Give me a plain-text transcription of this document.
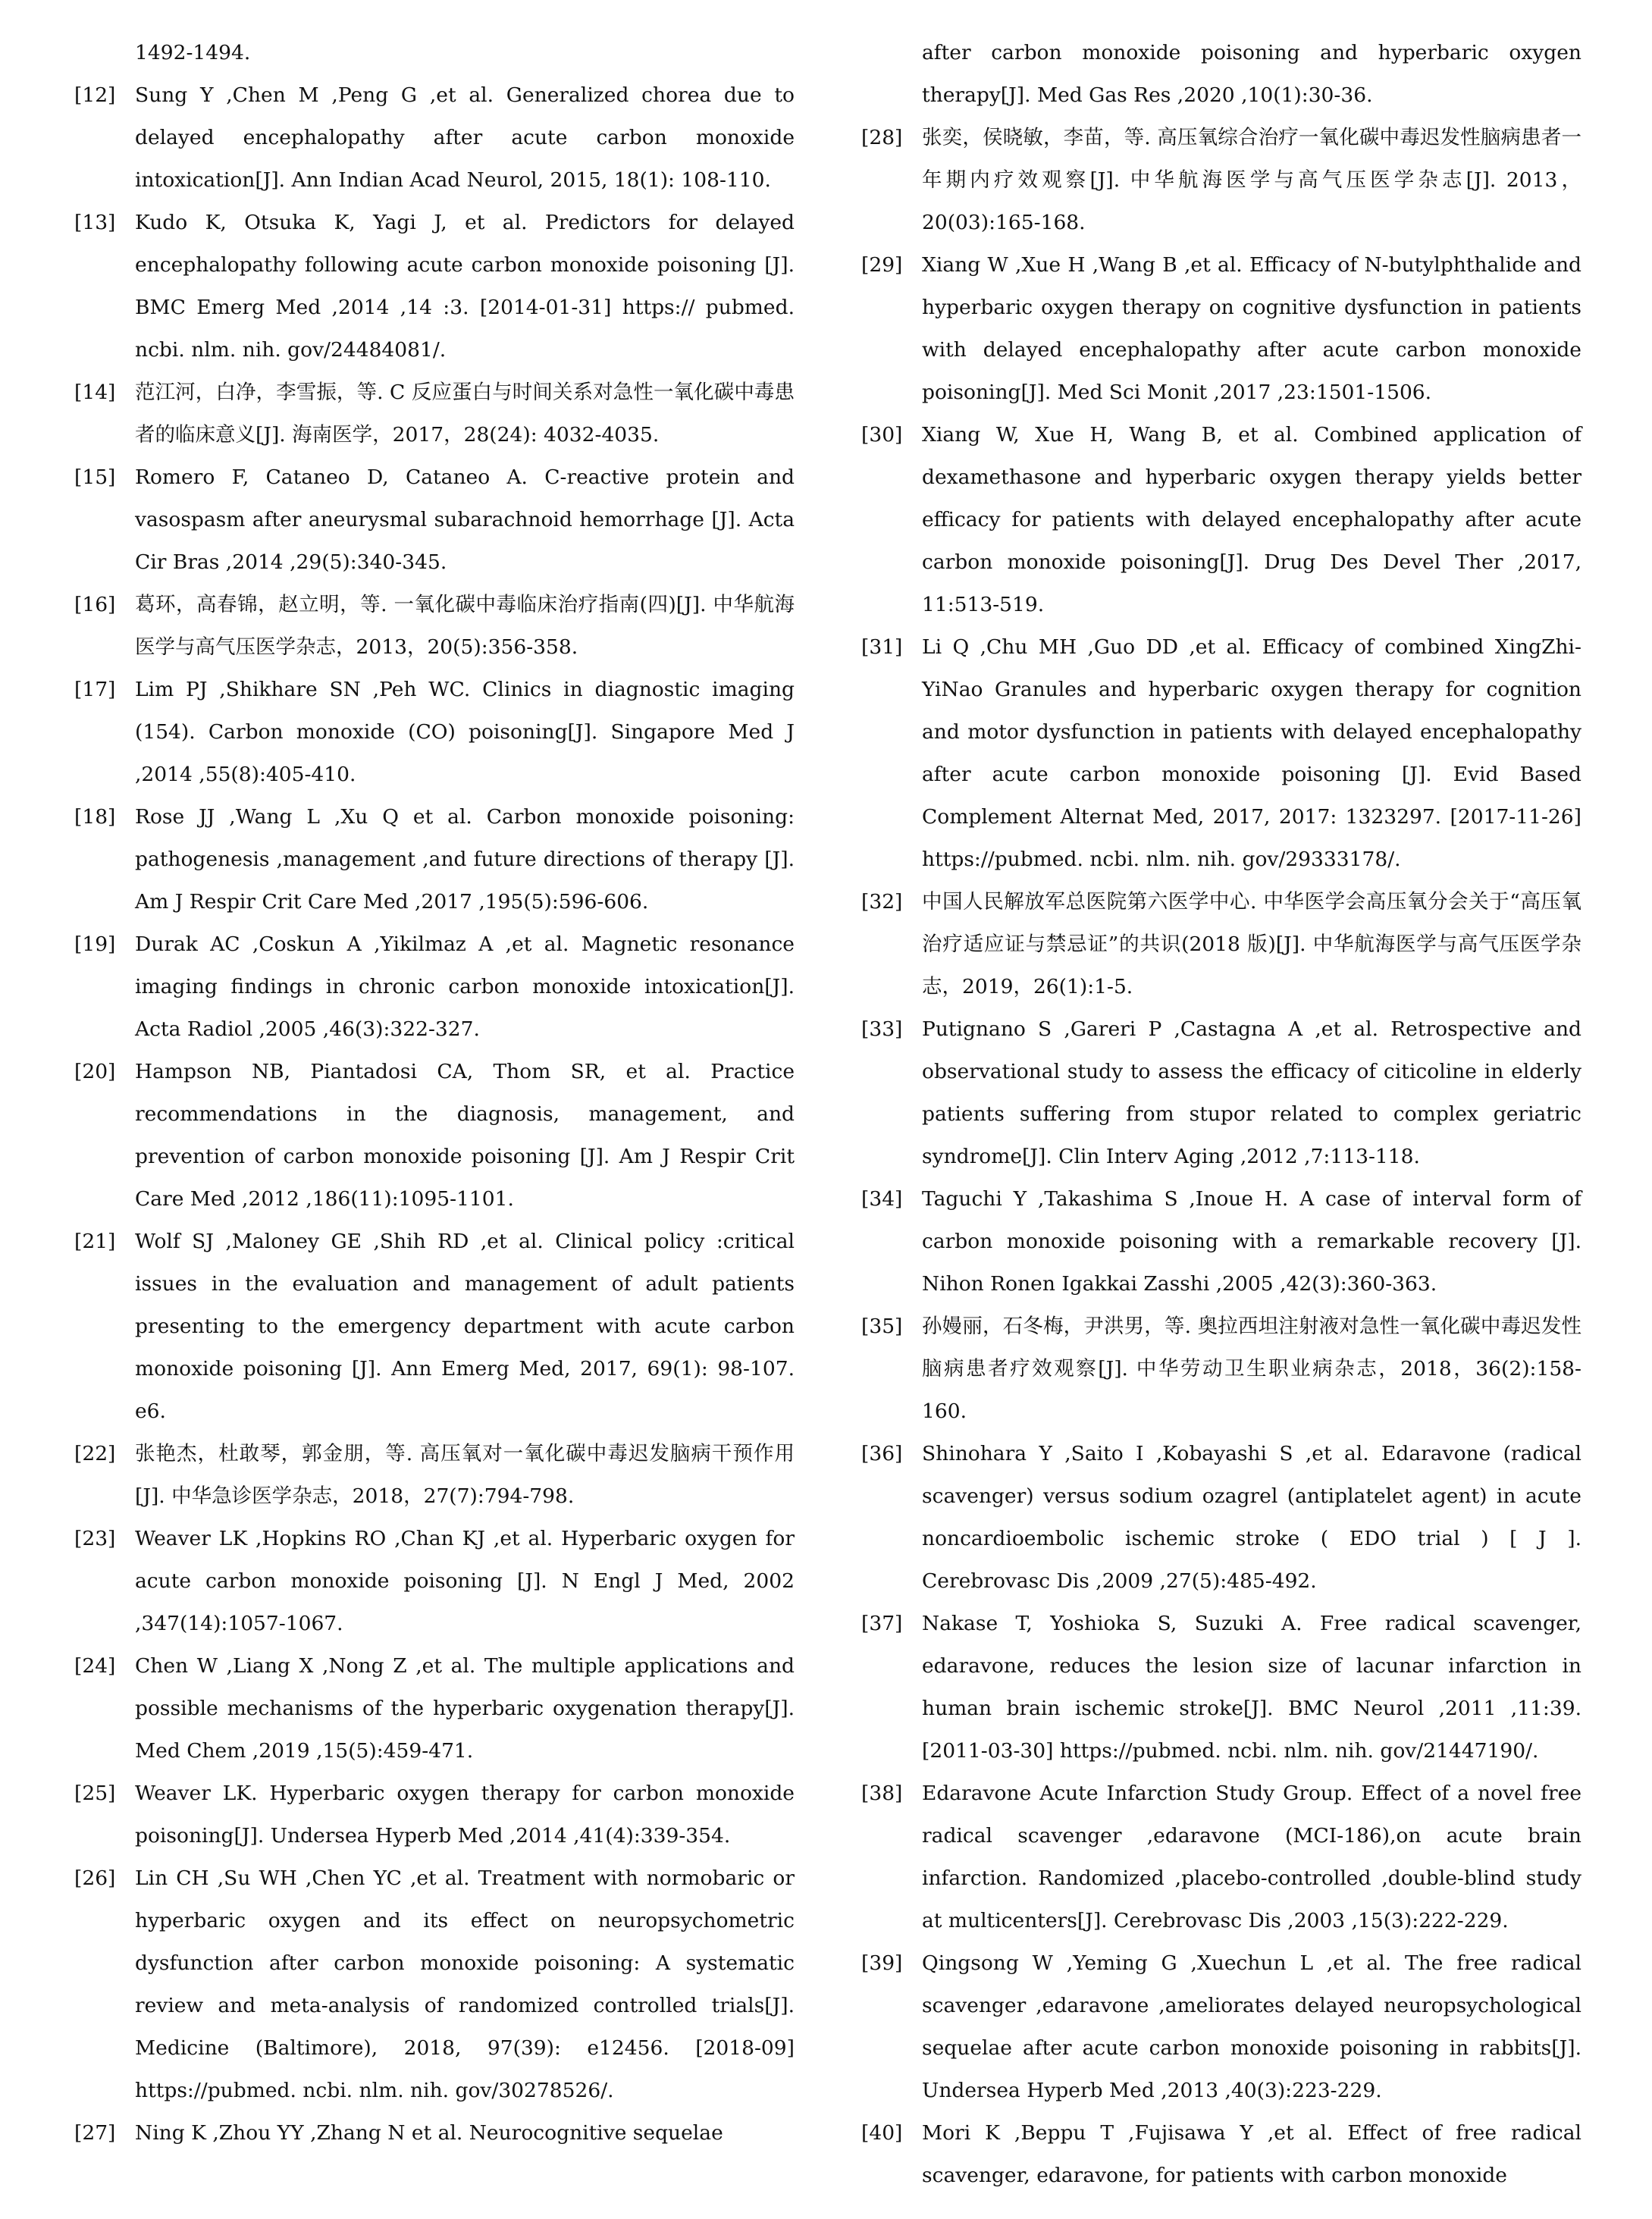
1492-1494.

[12] Sung Y ,Chen M ,Peng G ,et al. Generalized chorea due to delayed encephalopathy after acute carbon monoxide intoxication[J]. Ann Indian Acad Neurol, 2015, 18(1): 108-110.

[13] Kudo K, Otsuka K, Yagi J, et al. Predictors for delayed encephalopathy following acute carbon monoxide poisoning [J]. BMC Emerg Med ,2014 ,14 :3. [2014-01-31] https:// pubmed. ncbi. nlm. nih. gov/24484081/.

[14] 范江河，白净，李雪振，等. C 反应蛋白与时间关系对急性一氧化碳中毒患者的临床意义[J]. 海南医学，2017，28(24): 4032-4035.

[15] Romero F, Cataneo D, Cataneo A. C-reactive protein and vasospasm after aneurysmal subarachnoid hemorrhage [J]. Acta Cir Bras ,2014 ,29(5):340-345.

[16] 葛环，高春锦，赵立明，等. 一氧化碳中毒临床治疗指南(四)[J]. 中华航海医学与高气压医学杂志，2013，20(5):356-358.

[17] Lim PJ ,Shikhare SN ,Peh WC. Clinics in diagnostic imaging (154). Carbon monoxide (CO) poisoning[J]. Singapore Med J ,2014 ,55(8):405-410.

[18] Rose JJ ,Wang L ,Xu Q et al. Carbon monoxide poisoning: pathogenesis ,management ,and future directions of therapy [J]. Am J Respir Crit Care Med ,2017 ,195(5):596-606.

[19] Durak AC ,Coskun A ,Yikilmaz A ,et al. Magnetic resonance imaging findings in chronic carbon monoxide intoxication[J]. Acta Radiol ,2005 ,46(3):322-327.

[20] Hampson NB, Piantadosi CA, Thom SR, et al. Practice recommendations in the diagnosis, management, and prevention of carbon monoxide poisoning [J]. Am J Respir Crit Care Med ,2012 ,186(11):1095-1101.

[21] Wolf SJ ,Maloney GE ,Shih RD ,et al. Clinical policy :critical issues in the evaluation and management of adult patients presenting to the emergency department with acute carbon monoxide poisoning [J]. Ann Emerg Med, 2017, 69(1): 98-107. e6.

[22] 张艳杰，杜敢琴，郭金朋，等. 高压氧对一氧化碳中毒迟发脑病干预作用[J]. 中华急诊医学杂志，2018，27(7):794-798.

[23] Weaver LK ,Hopkins RO ,Chan KJ ,et al. Hyperbaric oxygen for acute carbon monoxide poisoning [J]. N Engl J Med, 2002 ,347(14):1057-1067.

[24] Chen W ,Liang X ,Nong Z ,et al. The multiple applications and possible mechanisms of the hyperbaric oxygenation therapy[J]. Med Chem ,2019 ,15(5):459-471.

[25] Weaver LK. Hyperbaric oxygen therapy for carbon monoxide poisoning[J]. Undersea Hyperb Med ,2014 ,41(4):339-354.

[26] Lin CH ,Su WH ,Chen YC ,et al. Treatment with normobaric or hyperbaric oxygen and its effect on neuropsychometric dysfunction after carbon monoxide poisoning: A systematic review and meta-analysis of randomized controlled trials[J]. Medicine (Baltimore), 2018, 97(39): e12456. [2018-09] https://pubmed. ncbi. nlm. nih. gov/30278526/.

[27] Ning K ,Zhou YY ,Zhang N et al. Neurocognitive sequelae

after carbon monoxide poisoning and hyperbaric oxygen therapy[J]. Med Gas Res ,2020 ,10(1):30-36.

[28] 张奕，侯晓敏，李苗，等. 高压氧综合治疗一氧化碳中毒迟发性脑病患者一年期内疗效观察[J]. 中华航海医学与高气压医学杂志[J]. 2013，20(03):165-168.

[29] Xiang W ,Xue H ,Wang B ,et al. Efficacy of N-butylphthalide and hyperbaric oxygen therapy on cognitive dysfunction in patients with delayed encephalopathy after acute carbon monoxide poisoning[J]. Med Sci Monit ,2017 ,23:1501-1506.

[30] Xiang W, Xue H, Wang B, et al. Combined application of dexamethasone and hyperbaric oxygen therapy yields better efficacy for patients with delayed encephalopathy after acute carbon monoxide poisoning[J]. Drug Des Devel Ther ,2017, 11:513-519.

[31] Li Q ,Chu MH ,Guo DD ,et al. Efficacy of combined XingZhi-YiNao Granules and hyperbaric oxygen therapy for cognition and motor dysfunction in patients with delayed encephalopathy after acute carbon monoxide poisoning [J]. Evid Based Complement Alternat Med, 2017, 2017: 1323297. [2017-11-26] https://pubmed. ncbi. nlm. nih. gov/29333178/.

[32] 中国人民解放军总医院第六医学中心. 中华医学会高压氧分会关于“高压氧治疗适应证与禁忌证”的共识(2018 版)[J]. 中华航海医学与高气压医学杂志，2019，26(1):1-5.

[33] Putignano S ,Gareri P ,Castagna A ,et al. Retrospective and observational study to assess the efficacy of citicoline in elderly patients suffering from stupor related to complex geriatric syndrome[J]. Clin Interv Aging ,2012 ,7:113-118.

[34] Taguchi Y ,Takashima S ,Inoue H. A case of interval form of carbon monoxide poisoning with a remarkable recovery [J]. Nihon Ronen Igakkai Zasshi ,2005 ,42(3):360-363.

[35] 孙嫚丽，石冬梅，尹洪男，等. 奥拉西坦注射液对急性一氧化碳中毒迟发性脑病患者疗效观察[J]. 中华劳动卫生职业病杂志，2018，36(2):158-160.

[36] Shinohara Y ,Saito I ,Kobayashi S ,et al. Edaravone (radical scavenger) versus sodium ozagrel (antiplatelet agent) in acute noncardioembolic ischemic stroke ( EDO trial ) [ J ]. Cerebrovasc Dis ,2009 ,27(5):485-492.

[37] Nakase T, Yoshioka S, Suzuki A. Free radical scavenger, edaravone, reduces the lesion size of lacunar infarction in human brain ischemic stroke[J]. BMC Neurol ,2011 ,11:39. [2011-03-30] https://pubmed. ncbi. nlm. nih. gov/21447190/.

[38] Edaravone Acute Infarction Study Group. Effect of a novel free radical scavenger ,edaravone (MCI-186),on acute brain infarction. Randomized ,placebo-controlled ,double-blind study at multicenters[J]. Cerebrovasc Dis ,2003 ,15(3):222-229.

[39] Qingsong W ,Yeming G ,Xuechun L ,et al. The free radical scavenger ,edaravone ,ameliorates delayed neuropsychological sequelae after acute carbon monoxide poisoning in rabbits[J]. Undersea Hyperb Med ,2013 ,40(3):223-229.

[40] Mori K ,Beppu T ,Fujisawa Y ,et al. Effect of free radical scavenger, edaravone, for patients with carbon monoxide
